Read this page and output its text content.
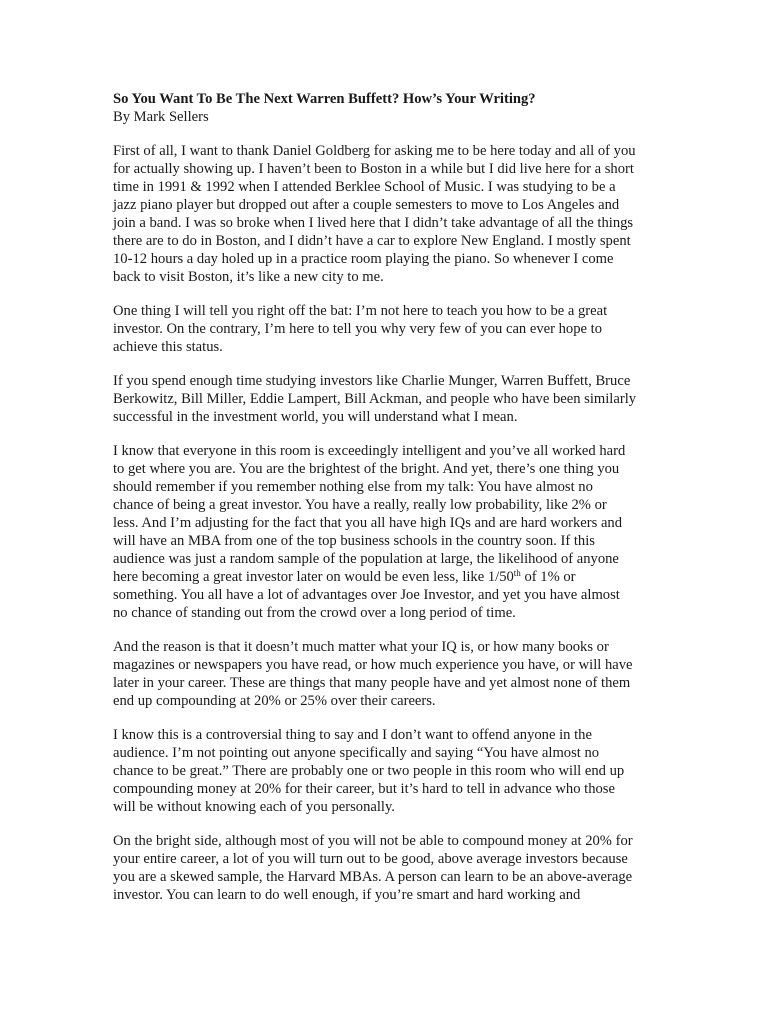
So You Want To Be The Next Warren Buffett? How’s Your Writing?

By Mark Sellers

First of all, I want to thank Daniel Goldberg for asking me to be here today and all of you
for actually showing up. I haven’t been to Boston in a while but I did live here for a short
time in 1991 & 1992 when I attended Berklee School of Music. I was studying to be a
jazz piano player but dropped out after a couple semesters to move to Los Angeles and
join a band. I was so broke when I lived here that I didn’t take advantage of all the things
there are to do in Boston, and I didn’t have a car to explore New England. I mostly spent
10-12 hours a day holed up in a practice room playing the piano. So whenever I come
back to visit Boston, it’s like a new city to me.

One thing I will tell you right off the bat: I’m not here to teach you how to be a great
investor. On the contrary, I’m here to tell you why very few of you can ever hope to
achieve this status.

If you spend enough time studying investors like Charlie Munger, Warren Buffett, Bruce
Berkowitz, Bill Miller, Eddie Lampert, Bill Ackman, and people who have been similarly
successful in the investment world, you will understand what I mean.

I know that everyone in this room is exceedingly intelligent and you’ve all worked hard
to get where you are. You are the brightest of the bright. And yet, there’s one thing you
should remember if you remember nothing else from my talk: You have almost no
chance of being a great investor. You have a really, really low probability, like 2% or
less. And I’m adjusting for the fact that you all have high IQs and are hard workers and
will have an MBA from one of the top business schools in the country soon. If this
audience was just a random sample of the population at large, the likelihood of anyone
here becoming a great investor later on would be even less, like 1/50th of 1% or
something. You all have a lot of advantages over Joe Investor, and yet you have almost
no chance of standing out from the crowd over a long period of time.

And the reason is that it doesn’t much matter what your IQ is, or how many books or
magazines or newspapers you have read, or how much experience you have, or will have
later in your career. These are things that many people have and yet almost none of them
end up compounding at 20% or 25% over their careers.

I know this is a controversial thing to say and I don’t want to offend anyone in the
audience. I’m not pointing out anyone specifically and saying “You have almost no
chance to be great.” There are probably one or two people in this room who will end up
compounding money at 20% for their career, but it’s hard to tell in advance who those
will be without knowing each of you personally.

On the bright side, although most of you will not be able to compound money at 20% for
your entire career, a lot of you will turn out to be good, above average investors because
you are a skewed sample, the Harvard MBAs. A person can learn to be an above-average
investor. You can learn to do well enough, if you’re smart and hard working and
